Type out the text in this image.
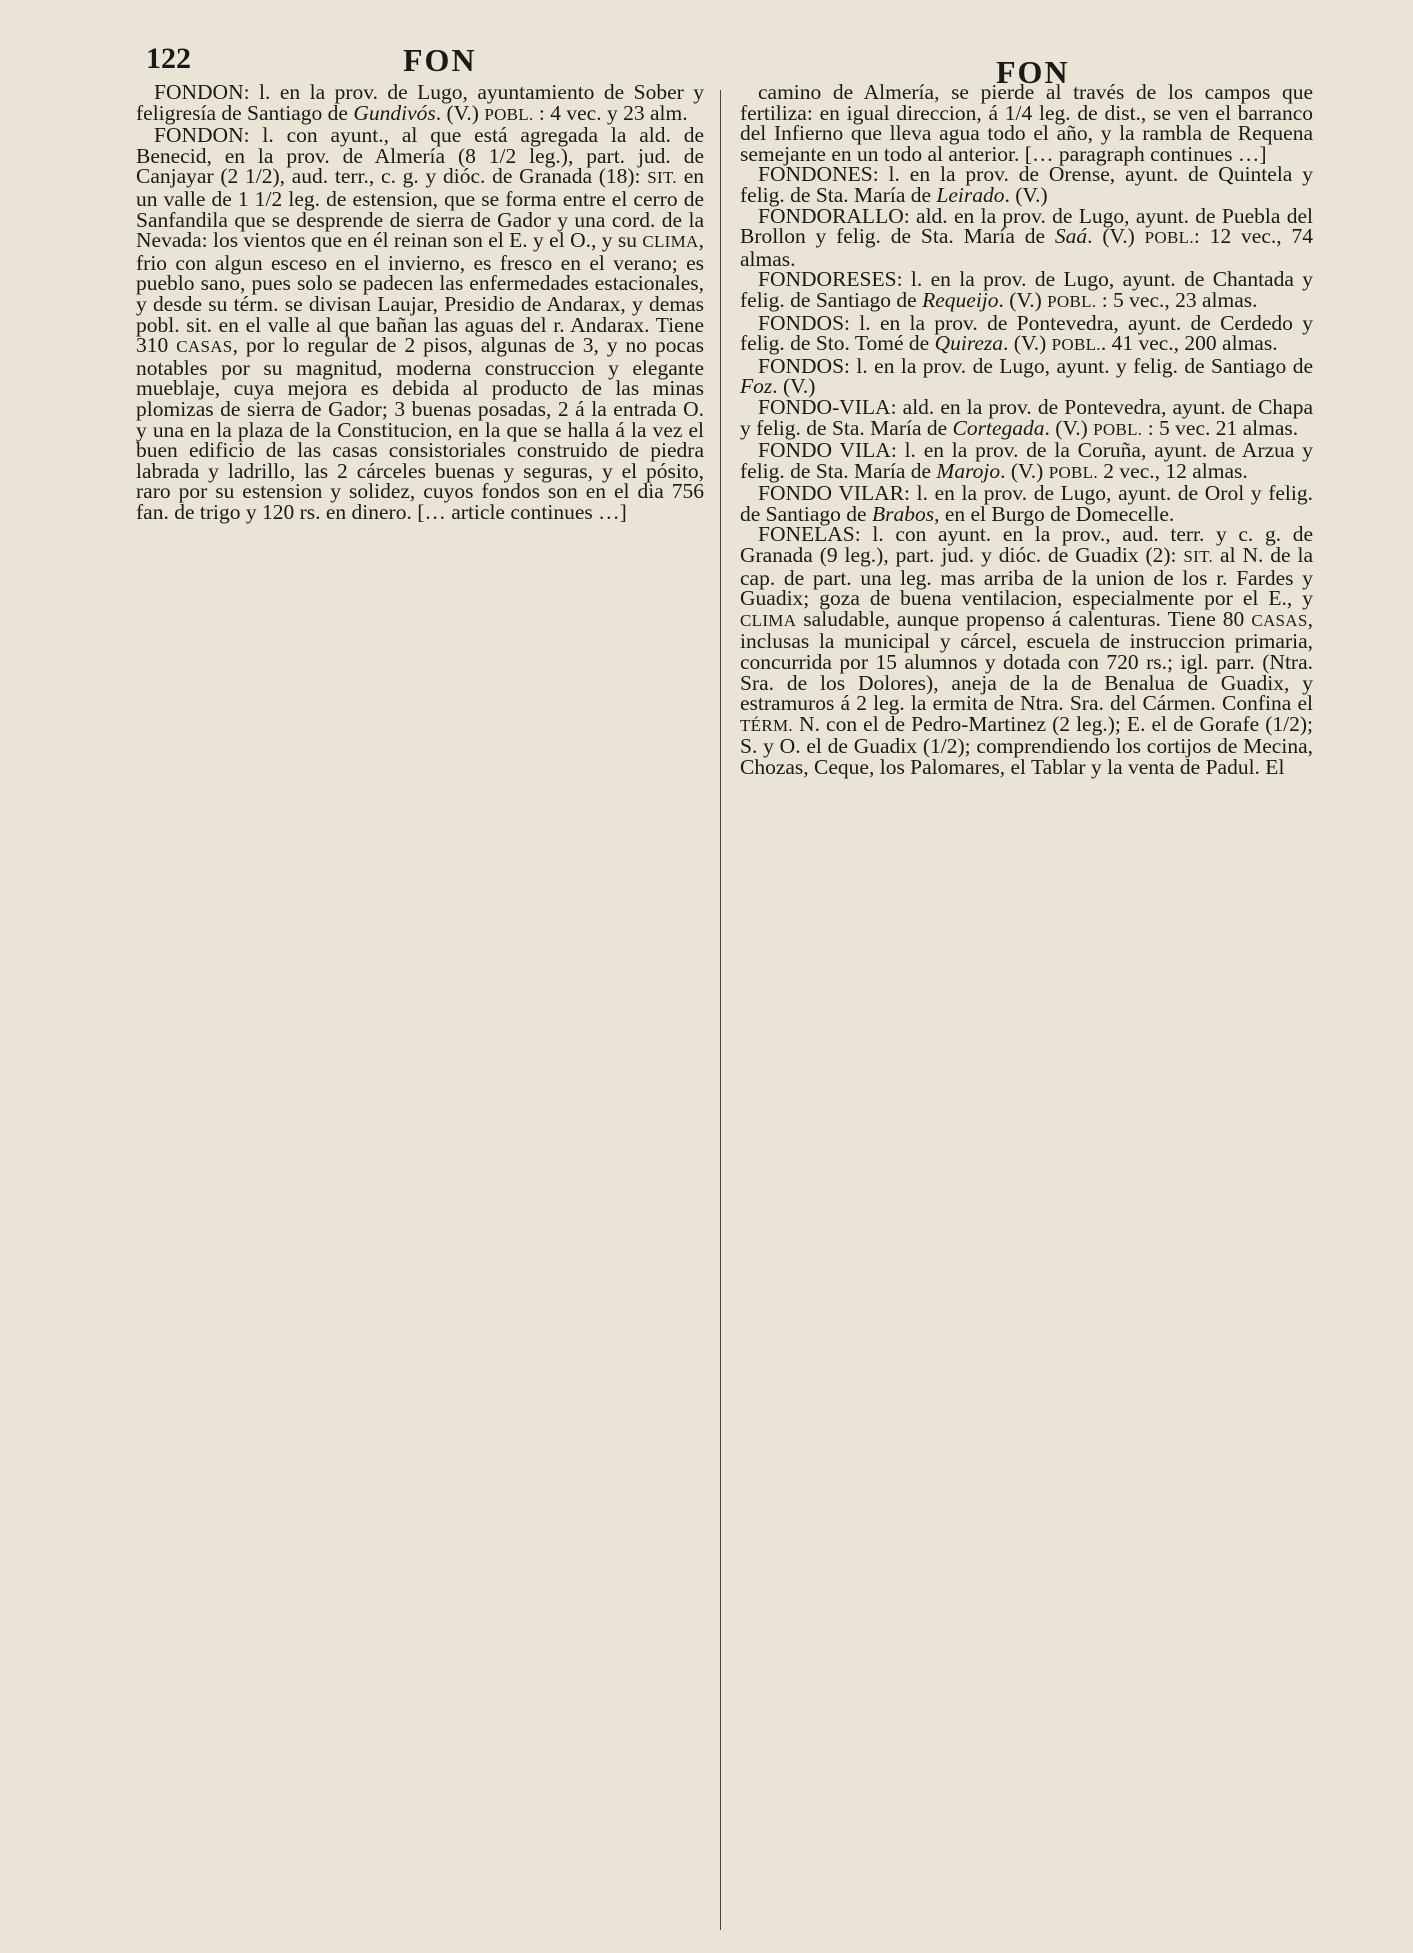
122	FON	FON

FONDON: l. en la prov. de Lugo, ayuntamiento de Sober y feligresía de Santiago de Gundivós. (V.) POBL. : 4 vec. y 23 alm.

FONDON: l. con ayunt., al que está agregada la ald. de Benecid, en la prov. de Almería (8 1/2 leg.), part. jud. de Canjayar (2 1/2), aud. terr., c. g. y dióc. de Granada (18): SIT. en un valle de 1 1/2 leg. de estension, que se forma entre el cerro de Sanfandila que se desprende de sierra de Gador y una cord. de la Nevada: los vientos que en él reinan son el E. y el O., y su CLIMA, frio con algun esceso en el invierno, es fresco en el verano; es pueblo sano, pues solo se padecen las enfermedades estacionales, y desde su térm. se divisan Laujar, Presidio de Andarax, y demas pobl. sit. en el valle al que bañan las aguas del r. Andarax. Tiene 310 CASAS, por lo regular de 2 pisos, algunas de 3, y no pocas notables por su magnitud, moderna construccion y elegante mueblaje, cuya mejora es debida al producto de las minas plomizas de sierra de Gador; 3 buenas posadas, 2 á la entrada O. y una en la plaza de la Constitucion, en la que se halla á la vez el buen edificio de las casas consistoriales construido de piedra labrada y ladrillo, las 2 cárceles buenas y seguras, y el pósito, raro por su estension y solidez, cuyos fondos son en el dia 756 fan. de trigo y 120 rs. en dinero. [… article continues …]

camino de Almería, se pierde al través de los campos que fertiliza: en igual direccion, á 1/4 leg. de dist., se ven el barranco del Infierno que lleva agua todo el año, y la rambla de Requena semejante en un todo al anterior. [… paragraph continues …]

FONDONES: l. en la prov. de Orense, ayunt. de Quintela y felig. de Sta. María de Leirado. (V.)

FONDORALLO: ald. en la prov. de Lugo, ayunt. de Puebla del Brollon y felig. de Sta. María de Saá. (V.) POBL.: 12 vec., 74 almas.

FONDORESES: l. en la prov. de Lugo, ayunt. de Chantada y felig. de Santiago de Requeijo. (V.) POBL. : 5 vec., 23 almas.

FONDOS: l. en la prov. de Pontevedra, ayunt. de Cerdedo y felig. de Sto. Tomé de Quireza. (V.) POBL.. 41 vec., 200 almas.

FONDOS: l. en la prov. de Lugo, ayunt. y felig. de Santiago de Foz. (V.)

FONDO-VILA: ald. en la prov. de Pontevedra, ayunt. de Chapa y felig. de Sta. María de Cortegada. (V.) POBL. : 5 vec. 21 almas.

FONDO VILA: l. en la prov. de la Coruña, ayunt. de Arzua y felig. de Sta. María de Marojo. (V.) POBL. 2 vec., 12 almas.

FONDO VILAR: l. en la prov. de Lugo, ayunt. de Orol y felig. de Santiago de Brabos, en el Burgo de Domecelle.

FONELAS: l. con ayunt. en la prov., aud. terr. y c. g. de Granada (9 leg.), part. jud. y dióc. de Guadix (2): SIT. al N. de la cap. de part. una leg. mas arriba de la union de los r. Fardes y Guadix; goza de buena ventilacion, especialmente por el E., y CLIMA saludable, aunque propenso á calenturas. Tiene 80 CASAS, inclusas la municipal y cárcel, escuela de instruccion primaria, concurrida por 15 alumnos y dotada con 720 rs.; igl. parr. (Ntra. Sra. de los Dolores), aneja de la de Benalua de Guadix, y estramuros á 2 leg. la ermita de Ntra. Sra. del Cármen. Confina el TÉRM. N. con el de Pedro-Martinez (2 leg.); E. el de Gorafe (1/2); S. y O. el de Guadix (1/2); comprendiendo los cortijos de Mecina, Chozas, Ceque, los Palomares, el Tablar y la venta de Padul. El
